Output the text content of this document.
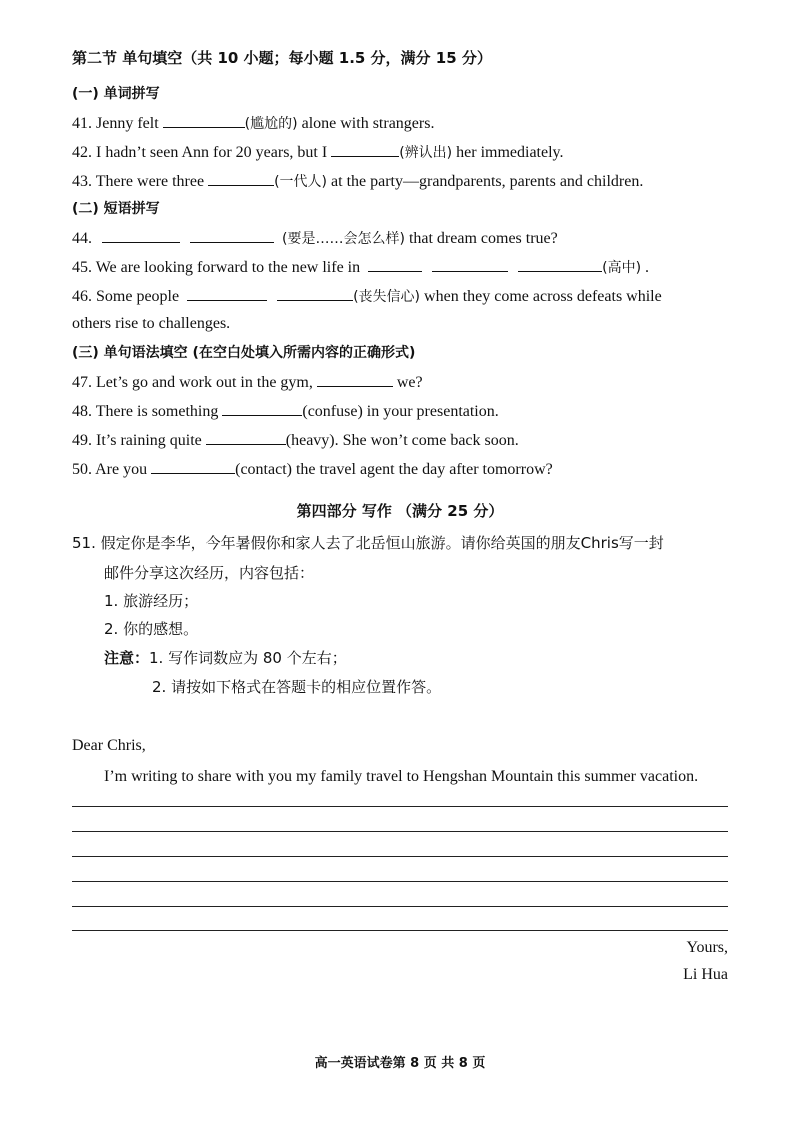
第二节 单句填空（共 10 小题；每小题 1.5 分，满分 15 分）
(一) 单词拼写
41. Jenny felt	(尴尬的) alone with strangers.
42. I hadn’t seen Ann for 20 years, but I	(辨认出) her immediately.
43. There were three	(一代人) at the party—grandparents, parents and children.
(二) 短语拼写
44.	(要是……会怎么样) that dream comes true?
45. We are looking forward to the new life in	(高中) .
46. Some people	(丧失信心) when they come across defeats while
others rise to challenges.
(三) 单句语法填空 (在空白处填入所需内容的正确形式)
47. Let’s go and work out in the gym,	we?
48. There is something	(confuse) in your presentation.
49. It’s raining quite	(heavy). She won’t come back soon.
50. Are you	(contact) the travel agent the day after tomorrow?
第四部分 写作 （满分 25 分）
51. 假定你是李华，今年暑假你和家人去了北岳恒山旅游。请你给英国的朋友Chris写一封
邮件分享这次经历，内容包括：
1. 旅游经历；
2. 你的感想。
注意：1. 写作词数应为 80 个左右；
2. 请按如下格式在答题卡的相应位置作答。
Dear Chris,
I’m writing to share with you my family travel to Hengshan Mountain this summer vacation.
Yours,
Li Hua
高一英语试卷第 8 页 共 8 页
